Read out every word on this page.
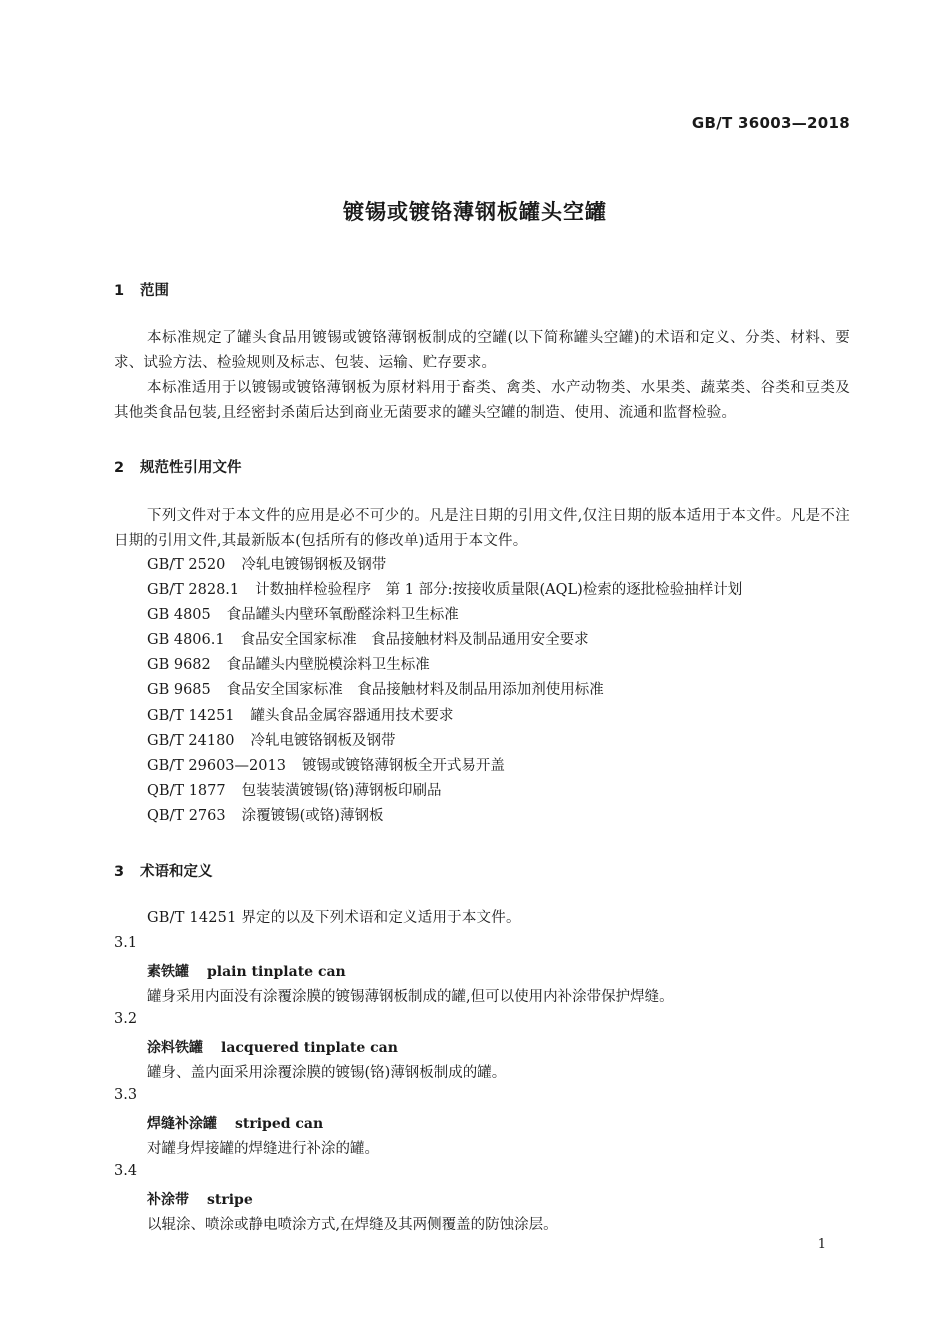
GB/T 36003—2018
镀锡或镀铬薄钢板罐头空罐
1 范围
本标准规定了罐头食品用镀锡或镀铬薄钢板制成的空罐(以下简称罐头空罐)的术语和定义、分类、材料、要求、试验方法、检验规则及标志、包装、运输、贮存要求。
本标准适用于以镀锡或镀铬薄钢板为原材料用于畜类、禽类、水产动物类、水果类、蔬菜类、谷类和豆类及其他类食品包装,且经密封杀菌后达到商业无菌要求的罐头空罐的制造、使用、流通和监督检验。
2 规范性引用文件
下列文件对于本文件的应用是必不可少的。凡是注日期的引用文件,仅注日期的版本适用于本文件。凡是不注日期的引用文件,其最新版本(包括所有的修改单)适用于本文件。
GB/T 2520 冷轧电镀锡钢板及钢带
GB/T 2828.1 计数抽样检验程序　第 1 部分:按接收质量限(AQL)检索的逐批检验抽样计划
GB 4805 食品罐头内壁环氧酚醛涂料卫生标准
GB 4806.1 食品安全国家标准　食品接触材料及制品通用安全要求
GB 9682 食品罐头内壁脱模涂料卫生标准
GB 9685 食品安全国家标准　食品接触材料及制品用添加剂使用标准
GB/T 14251 罐头食品金属容器通用技术要求
GB/T 24180 冷轧电镀铬钢板及钢带
GB/T 29603—2013 镀锡或镀铬薄钢板全开式易开盖
QB/T 1877 包装装潢镀锡(铬)薄钢板印刷品
QB/T 2763 涂覆镀锡(或铬)薄钢板
3 术语和定义
GB/T 14251 界定的以及下列术语和定义适用于本文件。
3.1
素铁罐 plain tinplate can
罐身采用内面没有涂覆涂膜的镀锡薄钢板制成的罐,但可以使用内补涂带保护焊缝。
3.2
涂料铁罐 lacquered tinplate can
罐身、盖内面采用涂覆涂膜的镀锡(铬)薄钢板制成的罐。
3.3
焊缝补涂罐 striped can
对罐身焊接罐的焊缝进行补涂的罐。
3.4
补涂带 stripe
以辊涂、喷涂或静电喷涂方式,在焊缝及其两侧覆盖的防蚀涂层。
1
